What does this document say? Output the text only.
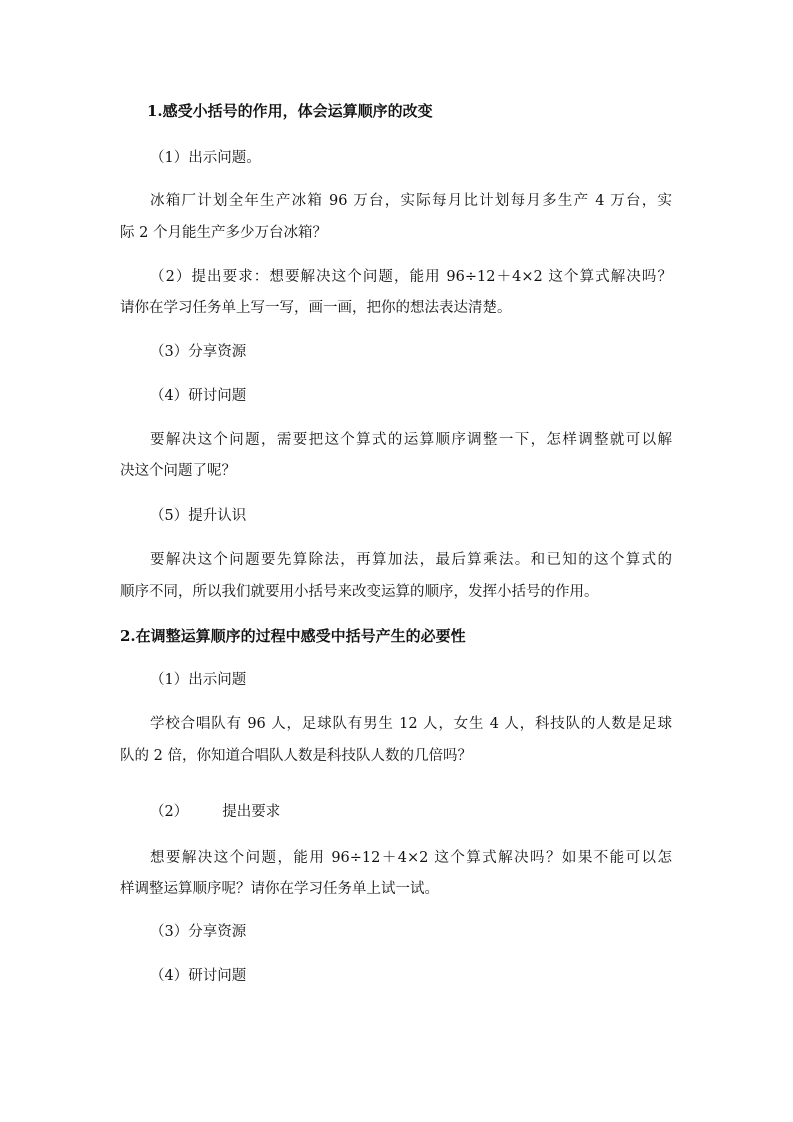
1.感受小括号的作用，体会运算顺序的改变
（1）出示问题。
冰箱厂计划全年生产冰箱 96 万台，实际每月比计划每月多生产 4 万台，实
际 2 个月能生产多少万台冰箱？
（2）提出要求：想要解决这个问题，能用 96÷12＋4×2 这个算式解决吗？
请你在学习任务单上写一写，画一画，把你的想法表达清楚。
（3）分享资源
（4）研讨问题
要解决这个问题，需要把这个算式的运算顺序调整一下，怎样调整就可以解
决这个问题了呢？
（5）提升认识
要解决这个问题要先算除法，再算加法，最后算乘法。和已知的这个算式的
顺序不同，所以我们就要用小括号来改变运算的顺序，发挥小括号的作用。
2.在调整运算顺序的过程中感受中括号产生的必要性
（1）出示问题
学校合唱队有 96 人，足球队有男生 12 人，女生 4 人，科技队的人数是足球
队的 2 倍，你知道合唱队人数是科技队人数的几倍吗？
（2） 提出要求
想要解决这个问题，能用 96÷12＋4×2 这个算式解决吗？如果不能可以怎
样调整运算顺序呢？请你在学习任务单上试一试。
（3）分享资源
（4）研讨问题
